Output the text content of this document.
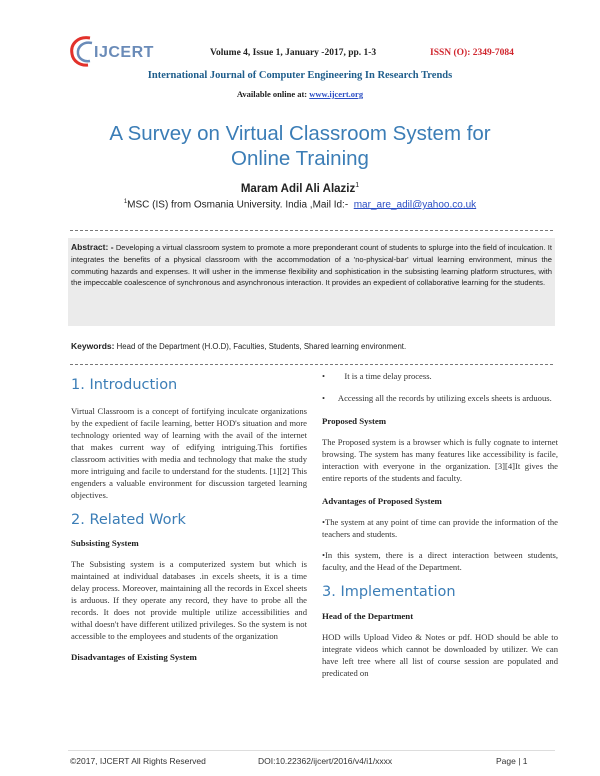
IJCERT	Volume 4, Issue 1, January -2017, pp. 1-3	ISSN (O): 2349-7084
International Journal of Computer Engineering In Research Trends
Available online at: www.ijcert.org
A Survey on Virtual Classroom System for
Online Training
Maram Adil Ali Alaziz$^1$
$^1$MSC (IS) from Osmania University. India ,Mail Id:- mar_are_adil@yahoo.co.uk
Abstract: - Developing a virtual classroom system to promote a more preponderant count of students to splurge into the field of inculcation. It integrates the benefits of a physical classroom with the accommodation of a 'no-physical-bar' virtual learning environment, minus the commuting hazards and expenses. It will usher in the immense flexibility and sophistication in the subsisting learning platform structures, with the impeccable coalescence of synchronous and asynchronous interaction. It provides an expedient of collaborative learning for the students.
Keywords: Head of the Department (H.O.D), Faculties, Students, Shared learning environment.
1. Introduction

Virtual Classroom is a concept of fortifying inculcate organizations by the expedient of facile learning, better HOD's situation and more technology oriented way of learning with the avail of the internet that makes current way of edifying intriguing.This fortifies classroom activities with media and technology that make the study more intriguing and facile to understand for the students. [1][2] This engenders a valuable environment for discussion targeted learning objectives.

2. Related Work
Subsisting System

The Subsisting system is a computerized system but which is maintained at individual databases .in excels sheets, it is a time delay process. Moreover, maintaining all the records in Excel sheets is arduous. If they operate any record, they have to probe all the records. It does not provide multiple utilize accessibilities and withal doesn't have different utilized privileges. So the system is not accessible to the employees and students of the organization

Disadvantages of Existing System

•         It is a time delay process.

•      Accessing all the records by utilizing excels sheets is arduous.

Proposed System

The Proposed system is a browser which is fully cognate to internet browsing. The system has many features like accessibility is facile, interaction with everyone in the organization. [3][4]It gives the entire reports of the students and faculty.

Advantages of Proposed System

•The system at any point of time can provide the information of the teachers and students.

•In this system, there is a direct interaction between students, faculty, and the Head of the Department.

3. Implementation
Head of the Department

HOD wills Upload Video & Notes or pdf. HOD should be able to integrate videos which cannot be downloaded by utilizer. We can have left tree where all list of course session are populated and predicated on

©2017, IJCERT All Rights Reserved	DOI:10.22362/ijcert/2016/v4/i1/xxxx	Page | 1
